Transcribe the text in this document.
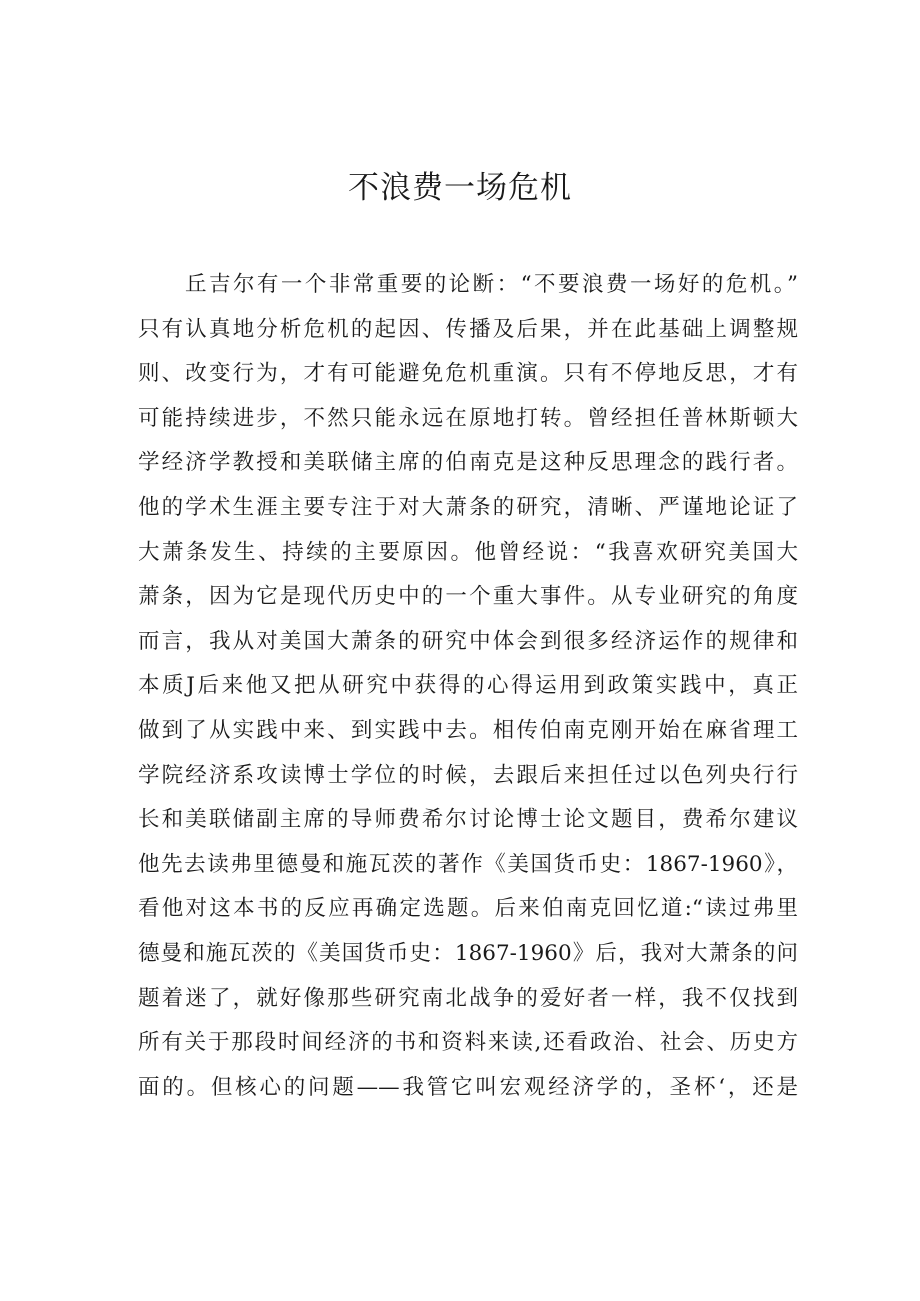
不浪费一场危机
丘吉尔有一个非常重要的论断：“不要浪费一场好的危机。”
只有认真地分析危机的起因、传播及后果，并在此基础上调整规
则、改变行为，才有可能避免危机重演。只有不停地反思，才有
可能持续进步，不然只能永远在原地打转。曾经担任普林斯顿大
学经济学教授和美联储主席的伯南克是这种反思理念的践行者。
他的学术生涯主要专注于对大萧条的研究，清晰、严谨地论证了
大萧条发生、持续的主要原因。他曾经说：“我喜欢研究美国大
萧条，因为它是现代历史中的一个重大事件。从专业研究的角度
而言，我从对美国大萧条的研究中体会到很多经济运作的规律和
本质J后来他又把从研究中获得的心得运用到政策实践中，真正
做到了从实践中来、到实践中去。相传伯南克刚开始在麻省理工
学院经济系攻读博士学位的时候，去跟后来担任过以色列央行行
长和美联储副主席的导师费希尔讨论博士论文题目，费希尔建议
他先去读弗里德曼和施瓦茨的著作《美国货币史：1867-1960》，
看他对这本书的反应再确定选题。后来伯南克回忆道:“读过弗里
德曼和施瓦茨的《美国货币史：1867-1960》后，我对大萧条的问
题着迷了，就好像那些研究南北战争的爱好者一样，我不仅找到
所有关于那段时间经济的书和资料来读,还看政治、社会、历史方
面的。但核心的问题——我管它叫宏观经济学的，圣杯‘，还是
